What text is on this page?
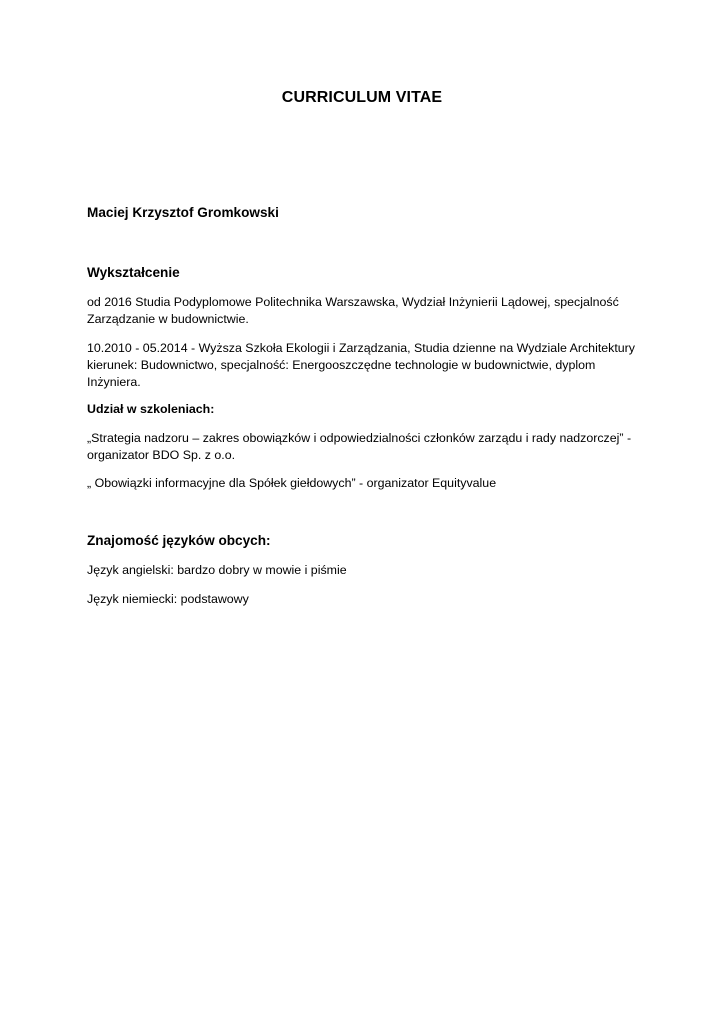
CURRICULUM VITAE
Maciej Krzysztof Gromkowski
Wykształcenie

od 2016 Studia Podyplomowe Politechnika Warszawska, Wydział Inżynierii Lądowej, specjalność Zarządzanie w budownictwie.

10.2010 - 05.2014 - Wyższa Szkoła Ekologii i Zarządzania, Studia dzienne na Wydziale Architektury kierunek: Budownictwo, specjalność: Energooszczędne technologie w budownictwie, dyplom Inżyniera.

Udział w szkoleniach:

„Strategia nadzoru – zakres obowiązków i odpowiedzialności członków zarządu i rady nadzorczej” - organizator BDO Sp. z o.o.

„ Obowiązki informacyjne dla Spółek giełdowych” - organizator Equityvalue

Znajomość języków obcych:

Język angielski: bardzo dobry w mowie i piśmie

Język niemiecki: podstawowy
